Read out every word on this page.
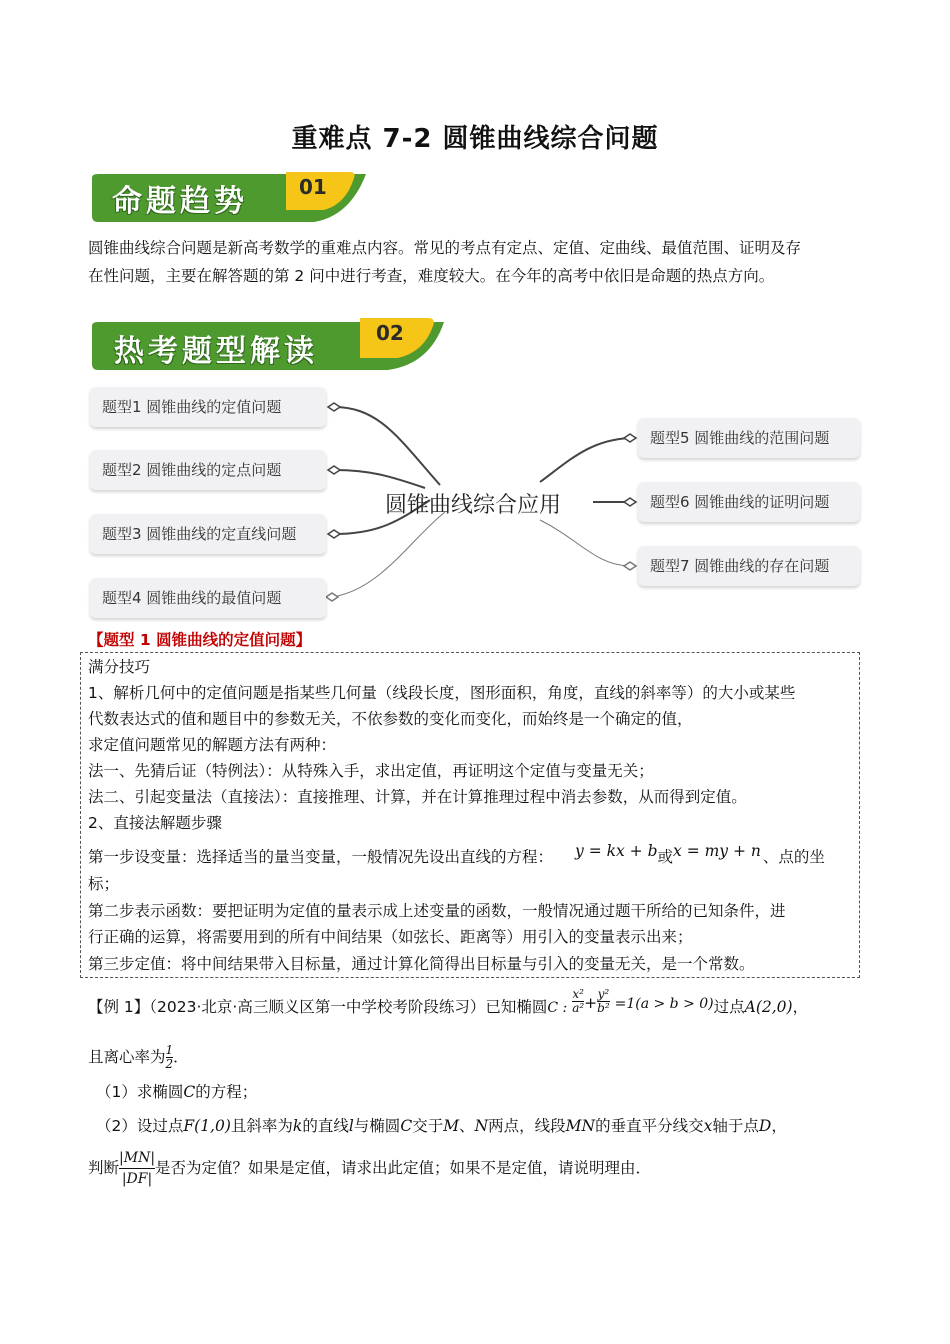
重难点 7-2 圆锥曲线综合问题
命题趋势	01
圆锥曲线综合问题是新高考数学的重难点内容。常见的考点有定点、定值、定曲线、最值范围、证明及存
在性问题，主要在解答题的第 2 问中进行考查，难度较大。在今年的高考中依旧是命题的热点方向。
热考题型解读
02
题型1 圆锥曲线的定值问题
题型2 圆锥曲线的定点问题
题型3 圆锥曲线的定直线问题
题型4 圆锥曲线的最值问题
题型5 圆锥曲线的范围问题
题型6 圆锥曲线的证明问题
题型7 圆锥曲线的存在问题
圆锥曲线综合应用
【题型 1 圆锥曲线的定值问题】
满分技巧
1、解析几何中的定值问题是指某些几何量（线段长度，图形面积，角度，直线的斜率等）的大小或某些
代数表达式的值和题目中的参数无关，不依参数的变化而变化，而始终是一个确定的值，
求定值问题常见的解题方法有两种：
法一、先猜后证（特例法）：从特殊入手，求出定值，再证明这个定值与变量无关；
法二、引起变量法（直接法）：直接推理、计算，并在计算推理过程中消去参数，从而得到定值。
2、直接法解题步骤
第一步设变量：选择适当的量当变量，一般情况先设出直线的方程： y = kx + b或x = my + n 、点的坐
标；
第二步表示函数：要把证明为定值的量表示成上述变量的函数，一般情况通过题干所给的已知条件，进
行正确的运算，将需要用到的所有中间结果（如弦长、距离等）用引入的变量表示出来；
第三步定值：将中间结果带入目标量，通过计算化简得出目标量与引入的变量无关，是一个常数。
【例 1】（2023·北京·高三顺义区第一中学校考阶段练习）已知椭圆C : $\frac{\text{x²}}{\text{a²}} +\frac{\text{y²}}{\text{b²}} =1(a > b > 0)$过点A(2,0)，
且离心率为$\frac{1}{2}$ ．
（1）求椭圆C的方程；
（2）设过点F(1,0)且斜率为k的直线l与椭圆C交于M、N两点，线段MN的垂直平分线交x轴于点D，
判断$\frac{|MN|}{|DF|}$ 是否为定值？如果是定值，请求出此定值；如果不是定值，请说明理由．
